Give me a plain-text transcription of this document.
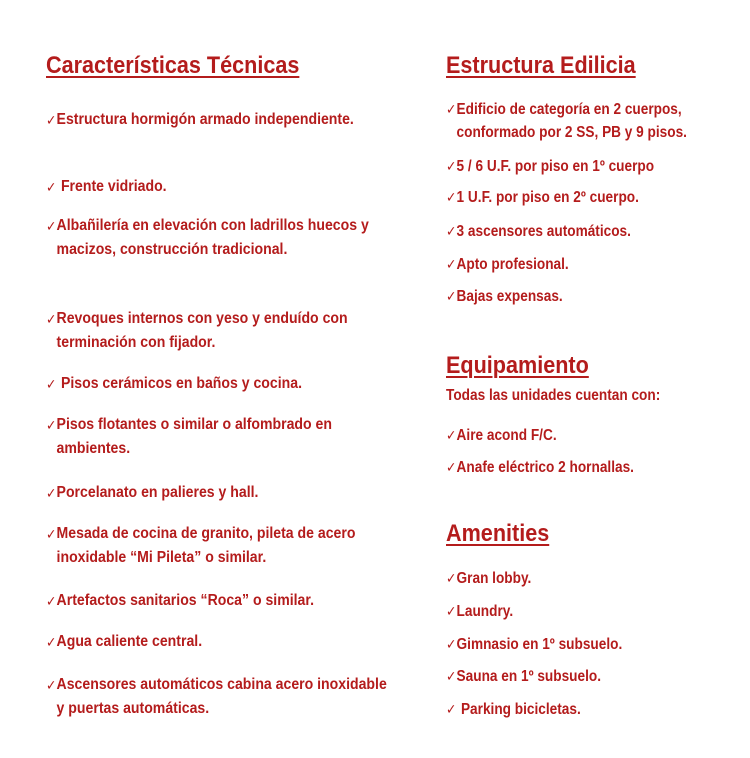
Características Técnicas
✓ Estructura hormigón armado independiente.
✓ Frente vidriado.
✓ Albañilería en elevación con ladrillos huecos y macizos, construcción tradicional.
✓ Revoques internos con yeso y enduído con terminación con fijador.
✓ Pisos cerámicos en baños y cocina.
✓ Pisos flotantes o similar o alfombrado en ambientes.
✓ Porcelanato en palieres y hall.
✓ Mesada de cocina de granito, pileta de acero inoxidable “Mi Pileta” o similar.
✓ Artefactos sanitarios “Roca” o similar.
✓ Agua caliente central.
✓ Ascensores automáticos cabina acero inoxidable y puertas automáticas.
Estructura Edilicia
✓ Edificio de categoría en 2 cuerpos, conformado por 2 SS, PB y 9 pisos.
✓ 5 / 6 U.F. por piso en 1º cuerpo
✓ 1 U.F. por piso en 2º cuerpo.
✓ 3 ascensores automáticos.
✓ Apto profesional.
✓ Bajas expensas.
Equipamiento

Todas las unidades cuentan con:

✓ Aire acond F/C.
✓ Anafe eléctrico 2 hornallas.
Amenities
✓ Gran lobby.
✓ Laundry.
✓ Gimnasio en 1º subsuelo.
✓ Sauna en 1º subsuelo.
✓ Parking bicicletas.
